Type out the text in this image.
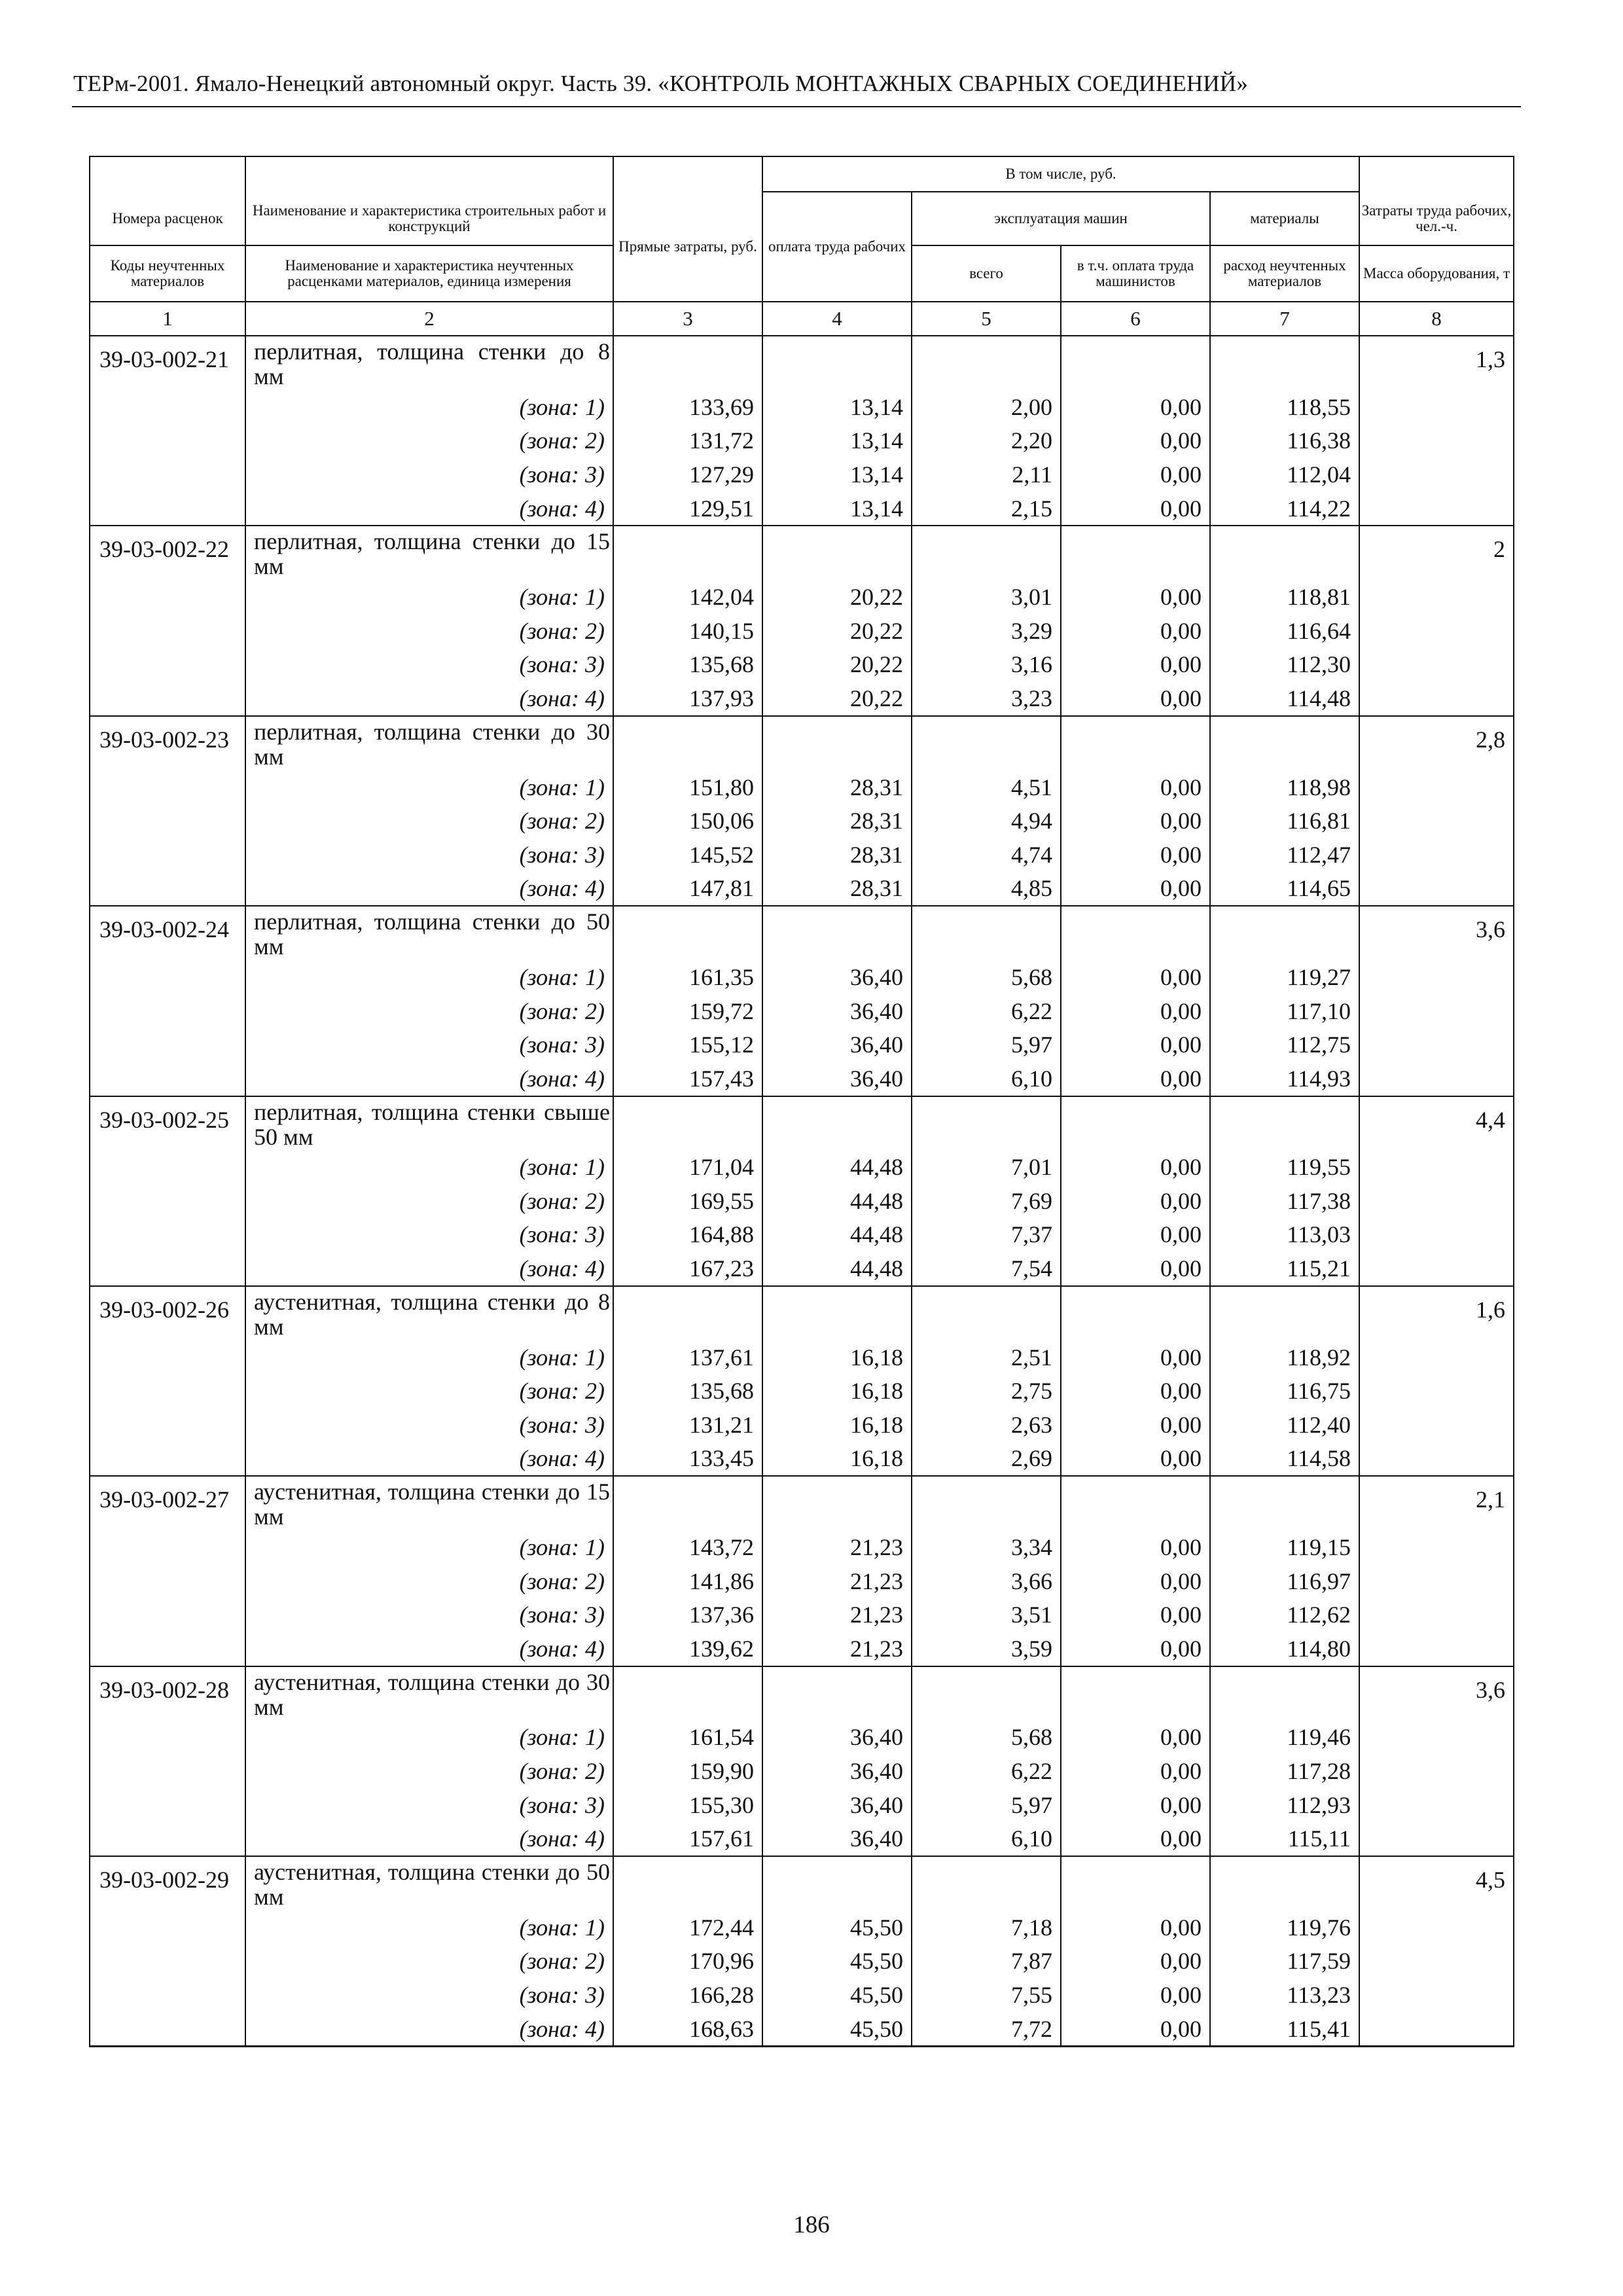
ТЕРм-2001. Ямало-Ненецкий автономный округ. Часть 39. «КОНТРОЛЬ МОНТАЖНЫХ СВАРНЫХ СОЕДИНЕНИЙ»
			В том числе, руб.				
Номера расценок	Наименование и характеристика строительных работ и конструкций	Прямые затраты, руб.	оплата труда рабочих	эксплуатация машин		материалы	Затраты труда рабочих, чел.-ч.
Коды неучтенных материалов	Наименование и характеристика неучтенных расценками материалов, единица измерения			всего	в т.ч. оплата труда машинистов	расход неучтенных материалов	Масса оборудования, т
1	2	3	4	5	6	7	8
39-03-002-21	перлитная, толщина стенки до 8 мм						1,3
	(зона: 1)	133,69	13,14	2,00	0,00	118,55	
	(зона: 2)	131,72	13,14	2,20	0,00	116,38	
	(зона: 3)	127,29	13,14	2,11	0,00	112,04	
	(зона: 4)	129,51	13,14	2,15	0,00	114,22	
39-03-002-22	перлитная, толщина стенки до 15 мм						2
	(зона: 1)	142,04	20,22	3,01	0,00	118,81	
	(зона: 2)	140,15	20,22	3,29	0,00	116,64	
	(зона: 3)	135,68	20,22	3,16	0,00	112,30	
	(зона: 4)	137,93	20,22	3,23	0,00	114,48	
39-03-002-23	перлитная, толщина стенки до 30 мм						2,8
	(зона: 1)	151,80	28,31	4,51	0,00	118,98	
	(зона: 2)	150,06	28,31	4,94	0,00	116,81	
	(зона: 3)	145,52	28,31	4,74	0,00	112,47	
	(зона: 4)	147,81	28,31	4,85	0,00	114,65	
39-03-002-24	перлитная, толщина стенки до 50 мм						3,6
	(зона: 1)	161,35	36,40	5,68	0,00	119,27	
	(зона: 2)	159,72	36,40	6,22	0,00	117,10	
	(зона: 3)	155,12	36,40	5,97	0,00	112,75	
	(зона: 4)	157,43	36,40	6,10	0,00	114,93	
39-03-002-25	перлитная, толщина стенки свыше 50 мм						4,4
	(зона: 1)	171,04	44,48	7,01	0,00	119,55	
	(зона: 2)	169,55	44,48	7,69	0,00	117,38	
	(зона: 3)	164,88	44,48	7,37	0,00	113,03	
	(зона: 4)	167,23	44,48	7,54	0,00	115,21	
39-03-002-26	аустенитная, толщина стенки до 8 мм						1,6
	(зона: 1)	137,61	16,18	2,51	0,00	118,92	
	(зона: 2)	135,68	16,18	2,75	0,00	116,75	
	(зона: 3)	131,21	16,18	2,63	0,00	112,40	
	(зона: 4)	133,45	16,18	2,69	0,00	114,58	
39-03-002-27	аустенитная, толщина стенки до 15 мм						2,1
	(зона: 1)	143,72	21,23	3,34	0,00	119,15	
	(зона: 2)	141,86	21,23	3,66	0,00	116,97	
	(зона: 3)	137,36	21,23	3,51	0,00	112,62	
	(зона: 4)	139,62	21,23	3,59	0,00	114,80	
39-03-002-28	аустенитная, толщина стенки до 30 мм						3,6
	(зона: 1)	161,54	36,40	5,68	0,00	119,46	
	(зона: 2)	159,90	36,40	6,22	0,00	117,28	
	(зона: 3)	155,30	36,40	5,97	0,00	112,93	
	(зона: 4)	157,61	36,40	6,10	0,00	115,11	
39-03-002-29	аустенитная, толщина стенки до 50 мм						4,5
	(зона: 1)	172,44	45,50	7,18	0,00	119,76	
	(зона: 2)	170,96	45,50	7,87	0,00	117,59	
	(зона: 3)	166,28	45,50	7,55	0,00	113,23	
	(зона: 4)	168,63	45,50	7,72	0,00	115,41	
186
